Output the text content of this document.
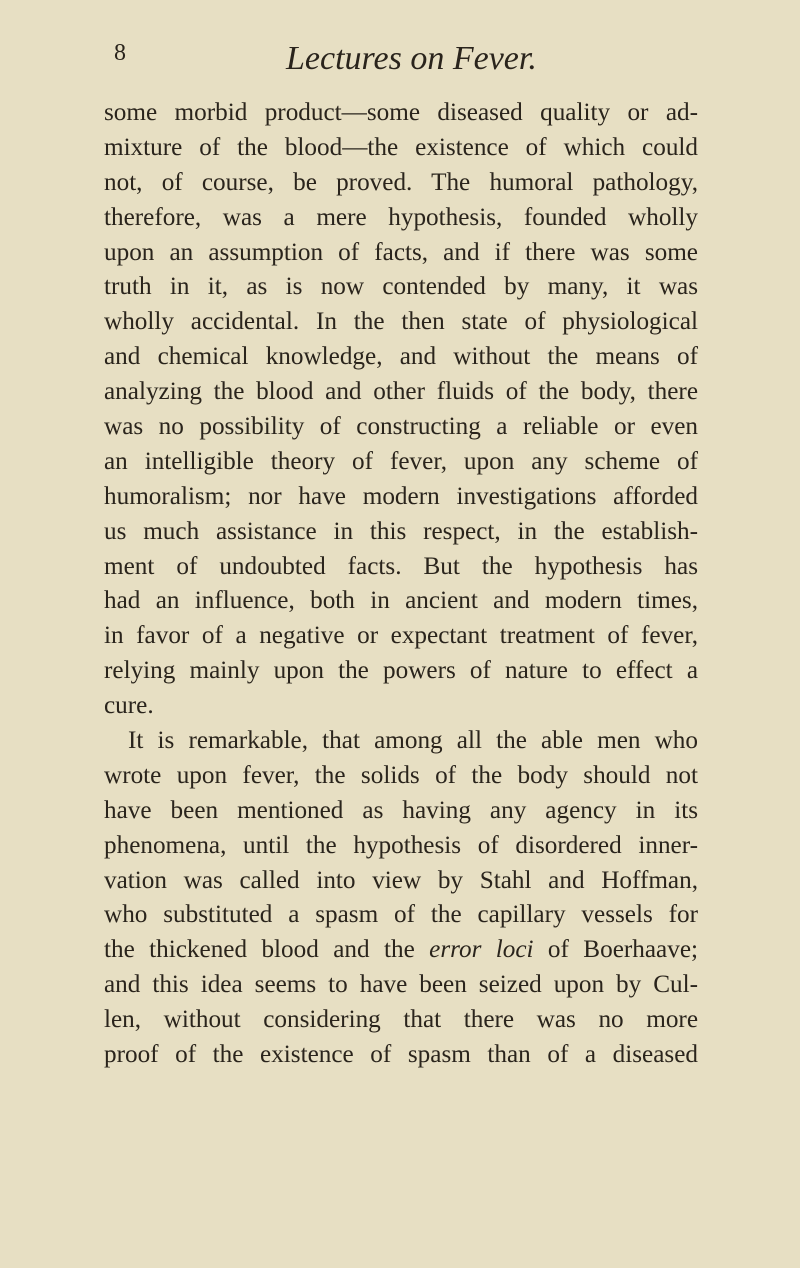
8	Lectures on Fever.
some morbid product—some diseased quality or ad-
mixture of the blood—the existence of which could
not, of course, be proved. The humoral pathology,
therefore, was a mere hypothesis, founded wholly
upon an assumption of facts, and if there was some
truth in it, as is now contended by many, it was
wholly accidental. In the then state of physiological
and chemical knowledge, and without the means of
analyzing the blood and other fluids of the body, there
was no possibility of constructing a reliable or even
an intelligible theory of fever, upon any scheme of
humoralism; nor have modern investigations afforded
us much assistance in this respect, in the establish-
ment of undoubted facts. But the hypothesis has
had an influence, both in ancient and modern times,
in favor of a negative or expectant treatment of fever,
relying mainly upon the powers of nature to effect a
cure.
It is remarkable, that among all the able men who
wrote upon fever, the solids of the body should not
have been mentioned as having any agency in its
phenomena, until the hypothesis of disordered inner-
vation was called into view by Stahl and Hoffman,
who substituted a spasm of the capillary vessels for
the thickened blood and the error loci of Boerhaave;
and this idea seems to have been seized upon by Cul-
len, without considering that there was no more
proof of the existence of spasm than of a diseased
